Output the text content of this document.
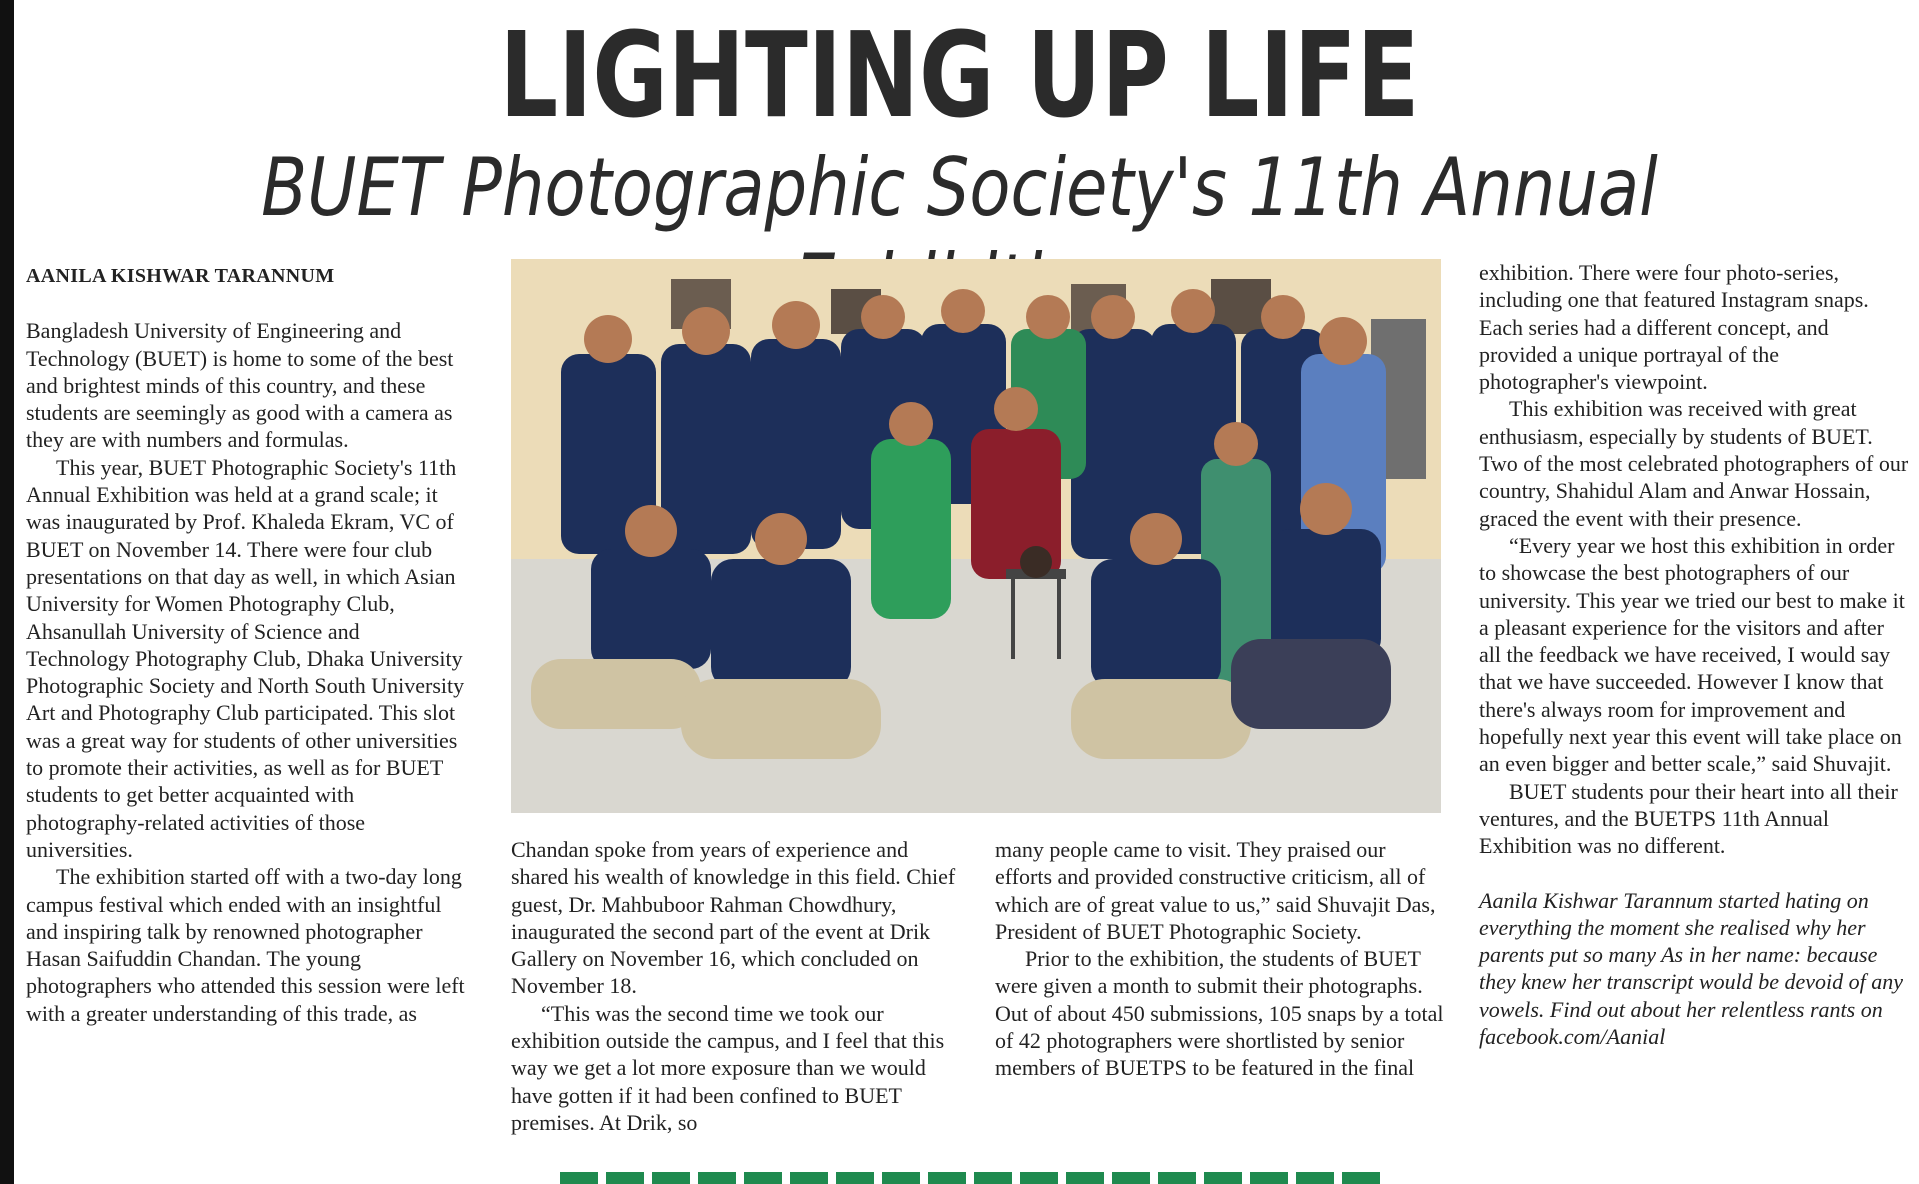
LIGHTING UP LIFE
BUET Photographic Society's 11th Annual

AANILA KISHWAR TARANNUM

Bangladesh University of Engineering and Technology (BUET) is home to some of the best and brightest minds of this country, and these students are seemingly as good with a camera as they are with numbers and formulas.

This year, BUET Photographic Society's 11th Annual Exhibition was held at a grand scale; it was inaugurated by Prof. Khaleda Ekram, VC of BUET on November 14. There were four club presentations on that day as well, in which Asian University for Women Photography Club, Ahsanullah University of Science and Technology Photography Club, Dhaka University Photographic Society and North South University Art and Photography Club participated. This slot was a great way for students of other universities to promote their activities, as well as for BUET students to get better acquainted with photography-related activities of those universities.

The exhibition started off with a two-day long campus festival which ended with an insightful and inspiring talk by renowned photographer Hasan Saifuddin Chandan. The young photographers who attended this session were left with a greater understanding of this trade, as

Chandan spoke from years of experience and shared his wealth of knowledge in this field. Chief guest, Dr. Mahbuboor Rahman Chowdhury, inaugurated the second part of the event at Drik Gallery on November 16, which concluded on November 18.

“This was the second time we took our exhibition outside the campus, and I feel that this way we get a lot more exposure than we would have gotten if it had been confined to BUET premises. At Drik, so

many people came to visit. They praised our efforts and provided constructive criticism, all of which are of great value to us,” said Shuvajit Das, President of BUET Photographic Society.

Prior to the exhibition, the students of BUET were given a month to submit their photographs. Out of about 450 submissions, 105 snaps by a total of 42 photographers were shortlisted by senior members of BUETPS to be featured in the final

exhibition. There were four photo-series, including one that featured Instagram snaps. Each series had a different concept, and provided a unique portrayal of the photographer's viewpoint.

This exhibition was received with great enthusiasm, especially by students of BUET. Two of the most celebrated photographers of our country, Shahidul Alam and Anwar Hossain, graced the event with their presence.

“Every year we host this exhibition in order to showcase the best photographers of our university. This year we tried our best to make it a pleasant experience for the visitors and after all the feedback we have received, I would say that we have succeeded. However I know that there's always room for improvement and hopefully next year this event will take place on an even bigger and better scale,” said Shuvajit.

BUET students pour their heart into all their ventures, and the BUETPS 11th Annual Exhibition was no different.

Aanila Kishwar Tarannum started hating on everything the moment she realised why her parents put so many As in her name: because they knew her transcript would be devoid of any vowels. Find out about her relentless rants on facebook.com/Aanial
